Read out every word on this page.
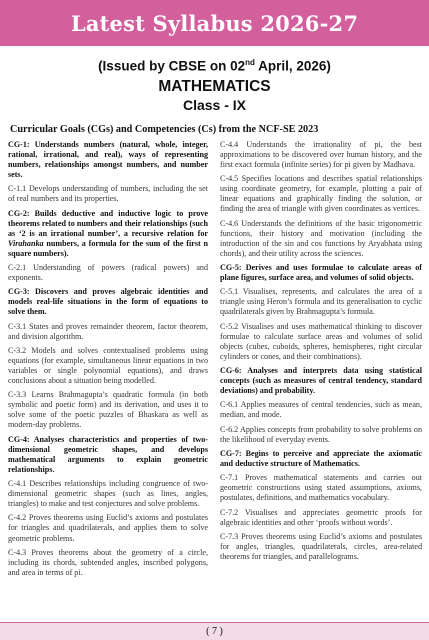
Latest Syllabus 2026-27
(Issued by CBSE on 02nd April, 2026)
MATHEMATICS
Class - IX
Curricular Goals (CGs) and Competencies (Cs) from the NCF-SE 2023

CG-1: Understands numbers (natural, whole, integer, rational, irrational, and real), ways of representing numbers, relationships amongst numbers, and number sets.

C-1.1 Develops understanding of numbers, including the set of real numbers and its properties.

CG-2: Builds deductive and inductive logic to prove theorems related to numbers and their relationships (such as ‘2 is an irrational number’, a recursive relation for Virahanka numbers, a formula for the sum of the first n square numbers).

C-2.1 Understanding of powers (radical powers) and exponents.

CG-3: Discovers and proves algebraic identities and models real-life situations in the form of equations to solve them.

C-3.1 States and proves remainder theorem, factor theorem, and division algorithm.

C-3.2 Models and solves contextualised problems using equations (for example, simultaneous linear equations in two variables or single polynomial equations), and draws conclusions about a situation being modelled.

C-3.3 Learns Brahmagupta’s quadratic formula (in both symbolic and poetic form) and its derivation, and uses it to solve some of the poetic puzzles of Bhaskara as well as modern-day problems.

CG-4: Analyses characteristics and properties of two-dimensional geometric shapes, and develops mathematical arguments to explain geometric relationships.

C-4.1 Describes relationships including congruence of two-dimensional geometric shapes (such as lines, angles, triangles) to make and test conjectures and solve problems.

C-4.2 Proves theorems using Euclid’s axioms and postulates for triangles and quadrilaterals, and applies them to solve geometric problems.

C-4.3 Proves theorems about the geometry of a circle, including its chords, subtended angles, inscribed polygons, and area in terms of pi.

C-4.4 Understands the irrationality of pi, the best approximations to be discovered over human history, and the first exact formula (infinite series) for pi given by Madhava.

C-4.5 Specifies locations and describes spatial relationships using coordinate geometry, for example, plotting a pair of linear equations and graphically finding the solution, or finding the area of triangle with given coordinates as vertices.

C-4.6 Understands the definitions of the basic trigonometric functions, their history and motivation (including the introduction of the sin and cos functions by Aryabhata using chords), and their utility across the sciences.

CG-5: Derives and uses formulae to calculate areas of plane figures, surface area, and volumes of solid objects.

C-5.1 Visualises, represents, and calculates the area of a triangle using Heron’s formula and its generalisation to cyclic quadrilaterals given by Brahmagupta’s formula.

C-5.2 Visualises and uses mathematical thinking to discover formulae to calculate surface areas and volumes of solid objects (cubes, cuboids, spheres, hemispheres, right circular cylinders or cones, and their combinations).

CG-6: Analyses and interprets data using statistical concepts (such as measures of central tendency, standard deviations) and probability.

C-6.1 Applies measures of central tendencies, such as mean, median, and mode.

C-6.2 Applies concepts from probability to solve problems on the likelihood of everyday events.

CG-7: Begins to perceive and appreciate the axiomatic and deductive structure of Mathematics.

C-7.1 Proves mathematical statements and carries out geometric constructions using stated assumptions, axioms, postulates, definitions, and mathematics vocabulary.

C-7.2 Visualises and appreciates geometric proofs for algebraic identities and other ‘proofs without words’.

C-7.3 Proves theorems using Euclid’s axioms and postulates for angles, triangles, quadrilaterals, circles, area-related theorems for triangles, and parallelograms.

( 7 )
